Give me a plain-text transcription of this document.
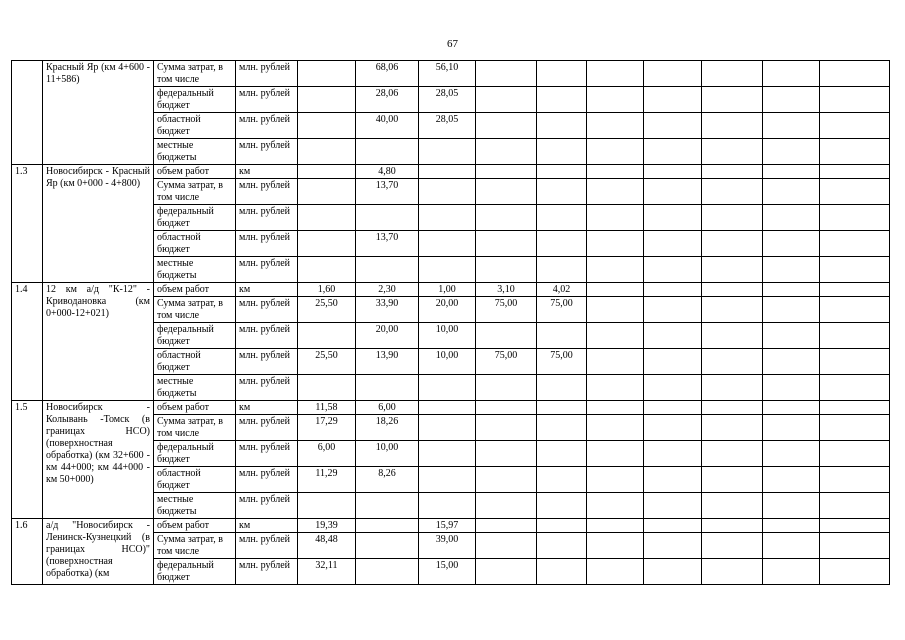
67
	Красный Яр (км 4+600 - 11+586)	Сумма затрат, в том числе	млн. рублей		68,06	56,10								
		федеральный бюджет	млн. рублей		28,06	28,05								
		областной бюджет	млн. рублей		40,00	28,05								
		местные бюджеты	млн. рублей											
1.3	Новосибирск - Красный Яр (км 0+000 - 4+800)	объем работ	км		4,80									
		Сумма затрат, в том числе	млн. рублей		13,70									
		федеральный бюджет	млн. рублей											
		областной бюджет	млн. рублей		13,70									
		местные бюджеты	млн. рублей											
1.4	12 км а/д "К-12" - Криводановка (км 0+000-12+021)	объем работ	км	1,60	2,30	1,00	3,10	4,02						
		Сумма затрат, в том числе	млн. рублей	25,50	33,90	20,00	75,00	75,00						
		федеральный бюджет	млн. рублей		20,00	10,00								
		областной бюджет	млн. рублей	25,50	13,90	10,00	75,00	75,00						
		местные бюджеты	млн. рублей											
1.5	Новосибирск - Колывань -Томск (в границах НСО) (поверхностная обработка) (км 32+600 - км 44+000; км 44+000 - км 50+000)	объем работ	км	11,58	6,00									
		Сумма затрат, в том числе	млн. рублей	17,29	18,26									
		федеральный бюджет	млн. рублей	6,00	10,00									
		областной бюджет	млн. рублей	11,29	8,26									
		местные бюджеты	млн. рублей											
1.6	а/д "Новосибирск - Ленинск-Кузнецкий (в границах НСО)" (поверхностная обработка) (км	объем работ	км	19,39		15,97								
		Сумма затрат, в том числе	млн. рублей	48,48		39,00								
		федеральный бюджет	млн. рублей	32,11		15,00								
